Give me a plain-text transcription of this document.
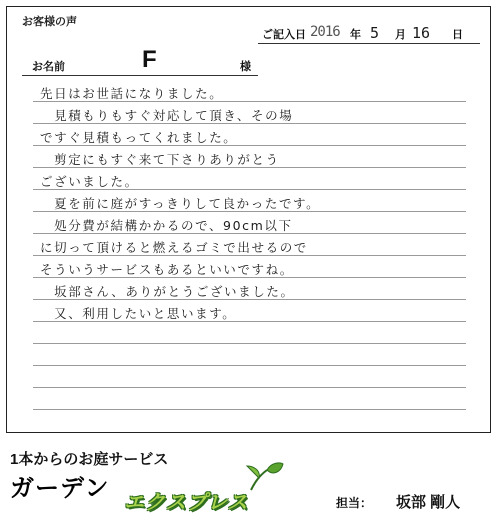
お客様の声
ご記入日 2016 年 5 月 16 日
お名前	F	様
先日はお世話になりました。
　見積もりもすぐ対応して頂き、その場
ですぐ見積もってくれました。
　剪定にもすぐ来て下さりありがとう
ございました。
　夏を前に庭がすっきりして良かったです。
　処分費が結構かかるので、90cm以下
に切って頂けると燃えるゴミで出せるので
そういうサービスもあるといいですね。
　坂部さん、ありがとうございました。
　又、利用したいと思います。
1本からのお庭サービス
ガーデン
エクスプレス	担当： 坂部 剛人
